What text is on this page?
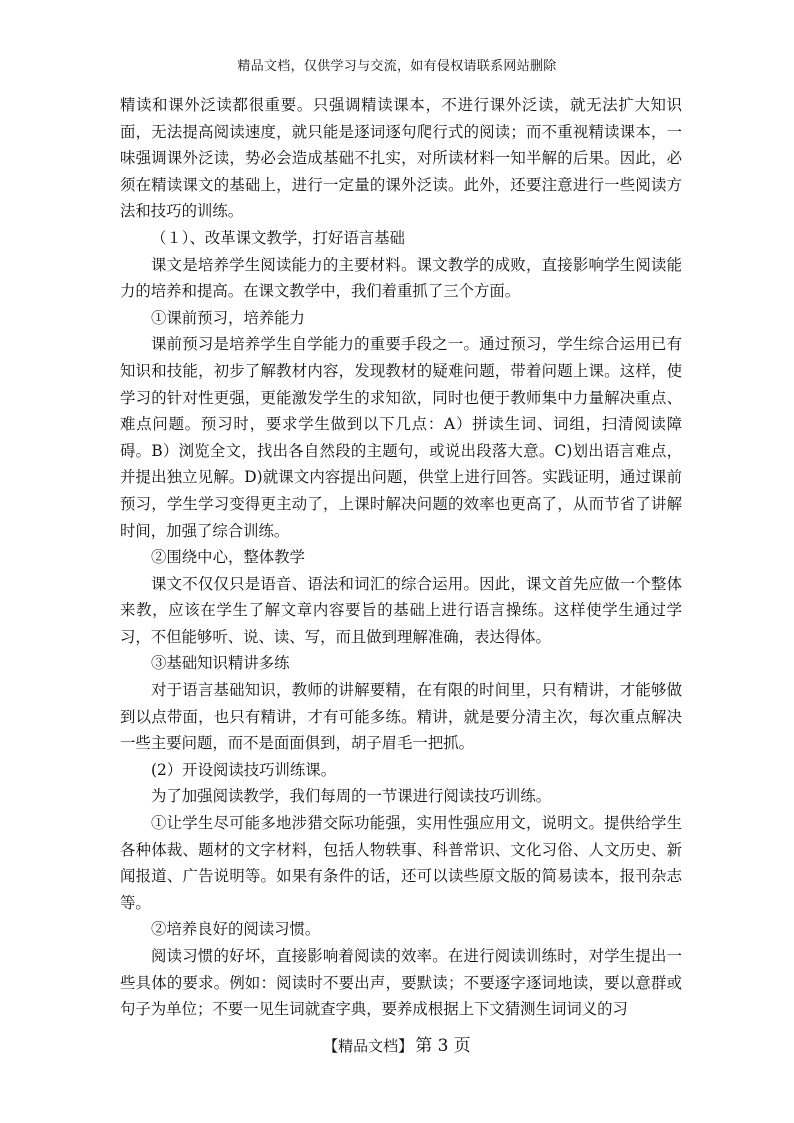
精品文档，仅供学习与交流，如有侵权请联系网站删除

精读和课外泛读都很重要。只强调精读课本，不进行课外泛读，就无法扩大知识面，无法提高阅读速度，就只能是逐词逐句爬行式的阅读；而不重视精读课本，一味强调课外泛读，势必会造成基础不扎实，对所读材料一知半解的后果。因此，必须在精读课文的基础上，进行一定量的课外泛读。此外，还要注意进行一些阅读方法和技巧的训练。

（１）、改革课文教学，打好语言基础

课文是培养学生阅读能力的主要材料。课文教学的成败，直接影响学生阅读能力的培养和提高。在课文教学中，我们着重抓了三个方面。

①课前预习，培养能力

课前预习是培养学生自学能力的重要手段之一。通过预习，学生综合运用已有知识和技能，初步了解教材内容，发现教材的疑难问题，带着问题上课。这样，使学习的针对性更强，更能激发学生的求知欲，同时也便于教师集中力量解决重点、难点问题。预习时，要求学生做到以下几点：A）拼读生词、词组，扫清阅读障碍。B）浏览全文，找出各自然段的主题句，或说出段落大意。C)划出语言难点，并提出独立见解。D)就课文内容提出问题，供堂上进行回答。实践证明，通过课前预习，学生学习变得更主动了，上课时解决问题的效率也更高了，从而节省了讲解时间，加强了综合训练。

②围绕中心，整体教学

课文不仅仅只是语音、语法和词汇的综合运用。因此，课文首先应做一个整体来教，应该在学生了解文章内容要旨的基础上进行语言操练。这样使学生通过学习，不但能够听、说、读、写，而且做到理解准确，表达得体。

③基础知识精讲多练

对于语言基础知识，教师的讲解要精，在有限的时间里，只有精讲，才能够做到以点带面，也只有精讲，才有可能多练。精讲，就是要分清主次，每次重点解决一些主要问题，而不是面面俱到，胡子眉毛一把抓。

(2）开设阅读技巧训练课。

为了加强阅读教学，我们每周的一节课进行阅读技巧训练。

①让学生尽可能多地涉猎交际功能强，实用性强应用文，说明文。提供给学生各种体裁、题材的文字材料，包括人物轶事、科普常识、文化习俗、人文历史、新闻报道、广告说明等。如果有条件的话，还可以读些原文版的简易读本，报刊杂志等。

②培养良好的阅读习惯。

阅读习惯的好坏，直接影响着阅读的效率。在进行阅读训练时，对学生提出一些具体的要求。例如：阅读时不要出声，要默读；不要逐字逐词地读，要以意群或句子为单位；不要一见生词就查字典，要养成根据上下文猜测生词词义的习

【精品文档】 第 3 页
